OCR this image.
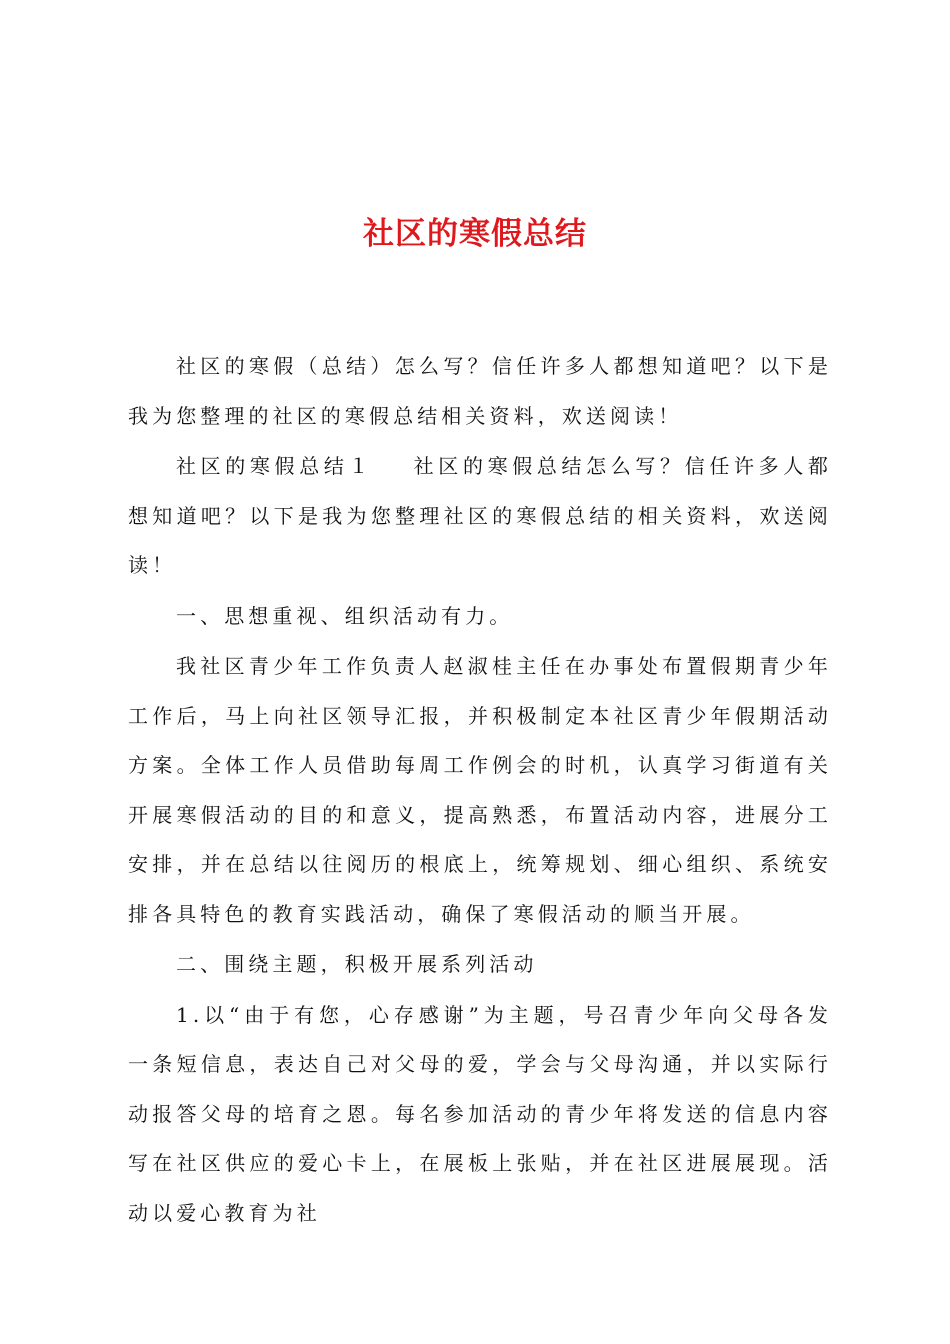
社区的寒假总结

社区的寒假（总结）怎么写？信任许多人都想知道吧？以下是我为您整理的社区的寒假总结相关资料，欢送阅读！

社区的寒假总结１ 社区的寒假总结怎么写？信任许多人都想知道吧？以下是我为您整理社区的寒假总结的相关资料，欢送阅读！

一、思想重视、组织活动有力。

我社区青少年工作负责人赵淑桂主任在办事处布置假期青少年工作后，马上向社区领导汇报，并积极制定本社区青少年假期活动方案。全体工作人员借助每周工作例会的时机，认真学习街道有关开展寒假活动的目的和意义，提高熟悉，布置活动内容，进展分工安排，并在总结以往阅历的根底上，统筹规划、细心组织、系统安排各具特色的教育实践活动，确保了寒假活动的顺当开展。

二、围绕主题，积极开展系列活动

1.以“由于有您，心存感谢”为主题，号召青少年向父母各发一条短信息，表达自己对父母的爱，学会与父母沟通，并以实际行动报答父母的培育之恩。每名参加活动的青少年将发送的信息内容写在社区供应的爱心卡上，在展板上张贴，并在社区进展展现。活动以爱心教育为社
